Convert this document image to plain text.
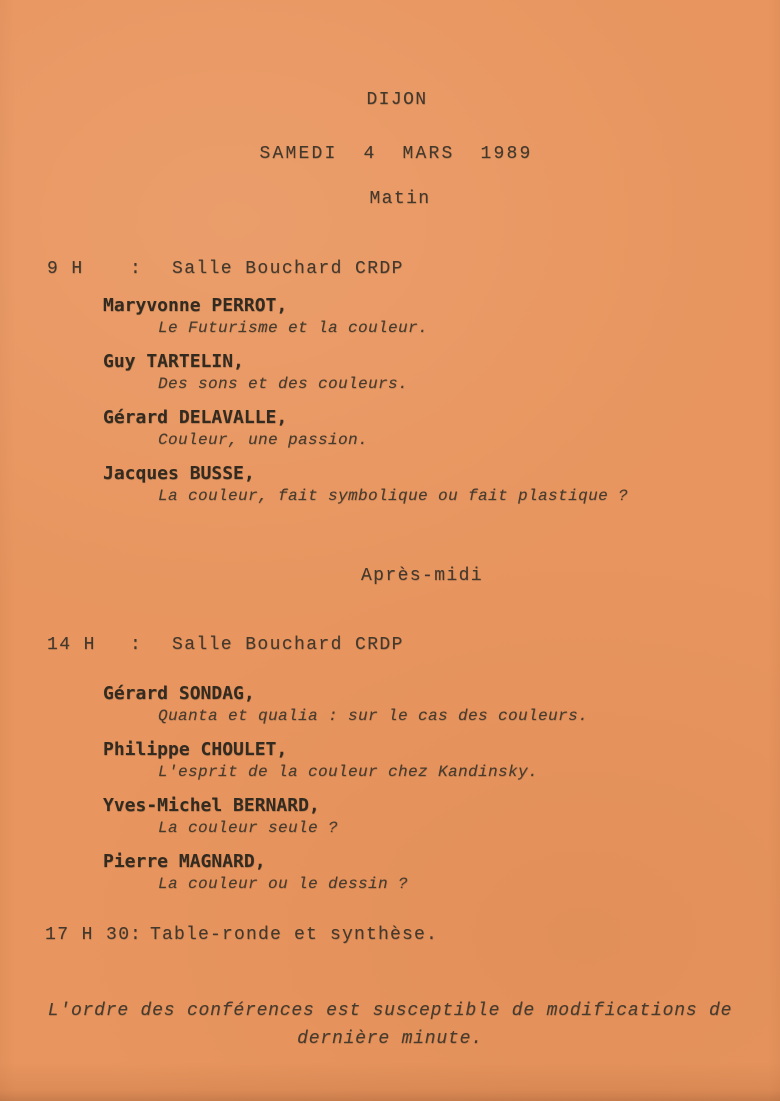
DIJON
SAMEDI  4  MARS  1989
Matin
9 H	: Salle Bouchard CRDP
Maryvonne PERROT,
Le Futurisme et la couleur.
Guy TARTELIN,
Des sons et des couleurs.
Gérard DELAVALLE,
Couleur, une passion.
Jacques BUSSE,
La couleur, fait symbolique ou fait plastique ?
Après-midi
14 H : Salle Bouchard CRDP
Gérard SONDAG,
Quanta et qualia : sur le cas des couleurs.
Philippe CHOULET,
L'esprit de la couleur chez Kandinsky.
Yves-Michel BERNARD,
La couleur seule ?
Pierre MAGNARD,
La couleur ou le dessin ?
17 H 30 : Table-ronde et synthèse.
L'ordre des conférences est susceptible de modifications de
dernière minute.
